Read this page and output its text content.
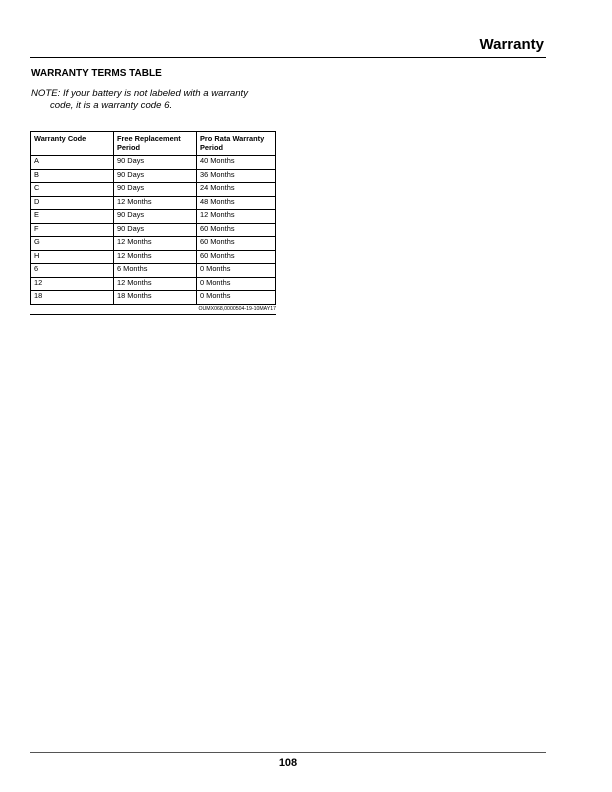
Warranty
WARRANTY TERMS TABLE

NOTE: If your battery is not labeled with a warranty
code, it is a warranty code 6.

Warranty Code	Free Replacement Period	Pro Rata Warranty Period
A	90 Days	40 Months
B	90 Days	36 Months
C	90 Days	24 Months
D	12 Months	48 Months
E	90 Days	12 Months
F	90 Days	60 Months
G	12 Months	60 Months
H	12 Months	60 Months
6	6 Months	0 Months
12	12 Months	0 Months
18	18 Months	0 Months

OUMX068,0000504-19-10MAY17

108
